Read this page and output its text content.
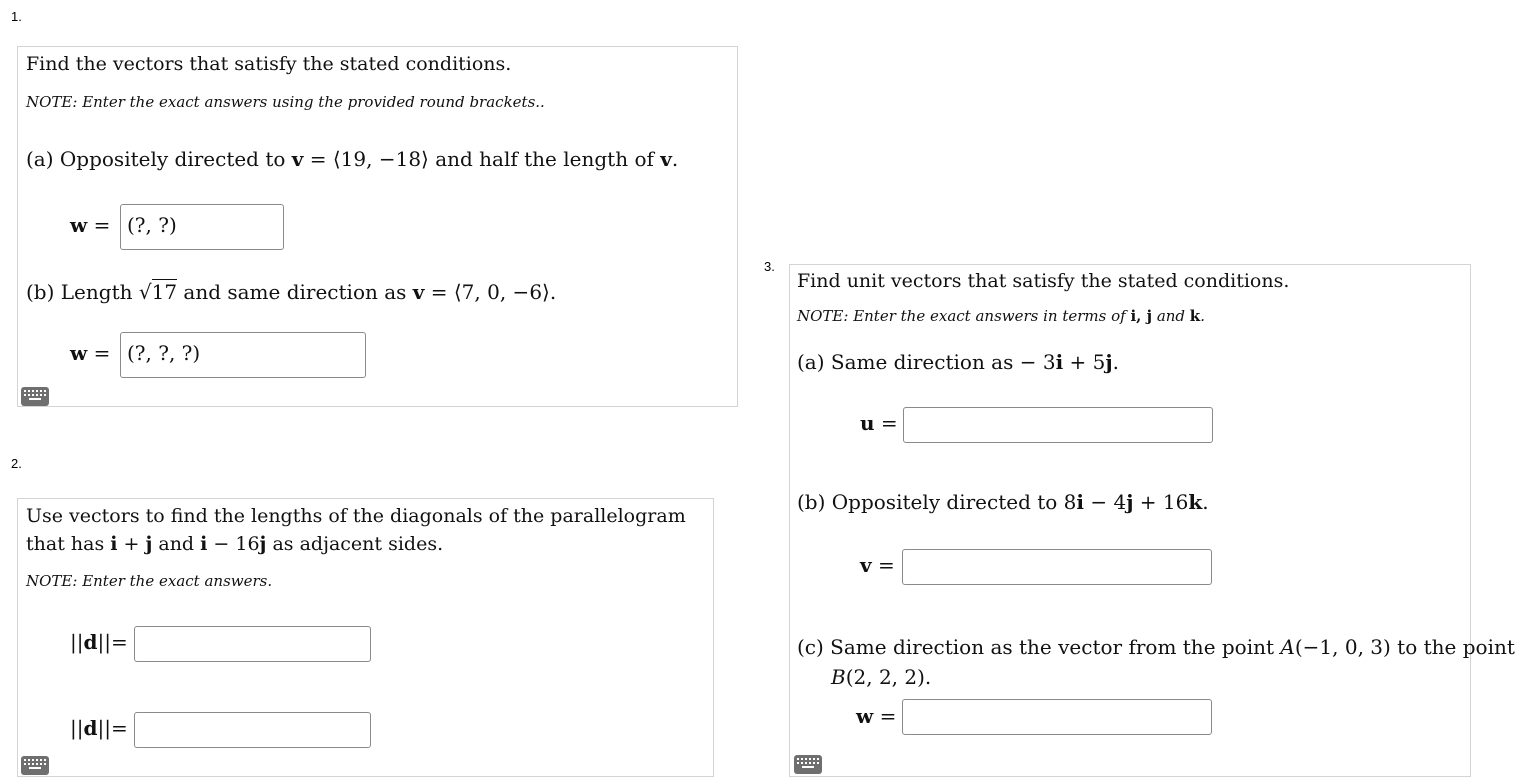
1.
Find the vectors that satisfy the stated conditions.
NOTE: Enter the exact answers using the provided round brackets..
(a) Oppositely directed to v = ⟨19, −18⟩ and half the length of v.
w = (?, ?)
(b) Length √17 and same direction as v = ⟨7, 0, −6⟩.
w = (?, ?, ?)
2.
Use vectors to find the lengths of the diagonals of the parallelogram
that has i + j and i − 16j as adjacent sides.
NOTE: Enter the exact answers.
||d||=
||d||=
3.
Find unit vectors that satisfy the stated conditions.
NOTE: Enter the exact answers in terms of i, j and k.
(a) Same direction as − 3i + 5j.
u =
(b) Oppositely directed to 8i − 4j + 16k.
v =
(c) Same direction as the vector from the point A(−1, 0, 3) to the point
B(2, 2, 2).
w =
